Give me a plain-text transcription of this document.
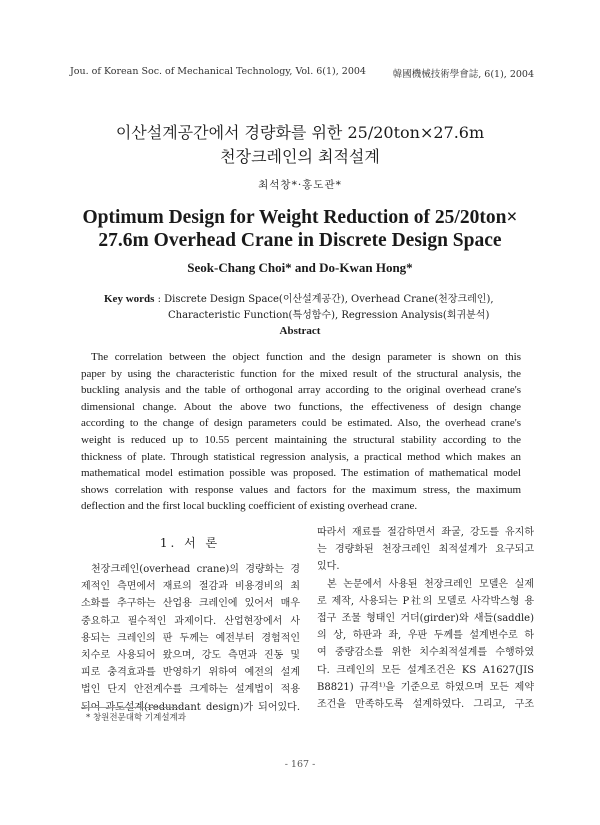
Jou. of Korean Soc. of Mechanical Technology, Vol. 6(1), 2004	韓國機械技術學會誌, 6(1), 2004
이산설계공간에서 경량화를 위한 25/20ton×27.6m
천장크레인의 최적설계
최석창*·홍도관*
Optimum Design for Weight Reduction of 25/20ton×
27.6m Overhead Crane in Discrete Design Space
Seok-Chang Choi* and Do-Kwan Hong*
Key words : Discrete Design Space(이산설계공간), Overhead Crane(천장크레인),
Characteristic Function(특성함수), Regression Analysis(회귀분석)
Abstract
The correlation between the object function and the design parameter is shown on this
paper by using the characteristic function for the mixed result of the structural analysis, the
buckling analysis and the table of orthogonal array according to the original overhead crane's
dimensional change. About the above two functions, the effectiveness of design change
according to the change of design parameters could be estimated. Also, the overhead crane's
weight is reduced up to 10.55 percent maintaining the structural stability according to the
thickness of plate. Through statistical regression analysis, a practical method which makes an
mathematical model estimation possible was proposed. The estimation of mathematical model
shows correlation with response values and factors for the maximum stress, the maximum
deflection and the first local buckling coefficient of existing overhead crane.
1. 서 론
천장크레인(overhead crane)의 경량화는 경
제적인 측면에서 재료의 절감과 비용경비의 최
소화를 추구하는 산업용 크레인에 있어서 매우
중요하고 필수적인 과제이다. 산업현장에서 사
용되는 크레인의 판 두께는 예전부터 경험적인
치수로 사용되어 왔으며, 강도 측면과 진동 및
피로 충격효과를 반영하기 위하여 예전의 설계
법인 단지 안전계수를 크게하는 설계법이 적용
되어 과도설계(redundant design)가 되어있다.
따라서 재료를 절감하면서 좌굴, 강도를 유지하
는 경량화된 천장크레인 최적설계가 요구되고
있다.
본 논문에서 사용된 천장크레인 모델은 실제
로 제작, 사용되는 P社의 모델로 사각박스형 용
접구 조물 형태인 거더(girder)와 새들(saddle)
의 상, 하판과 좌, 우판 두께를 설계변수로 하
여 중량감소를 위한 치수최적설계를 수행하였
다. 크레인의 모든 설계조건은 KS A1627(JIS
B8821) 규격¹⁾을 기준으로 하였으며 모든 제약
조건을 만족하도록 설계하였다. 그리고, 구조
* 창원전문대학 기계설계과
- 167 -
